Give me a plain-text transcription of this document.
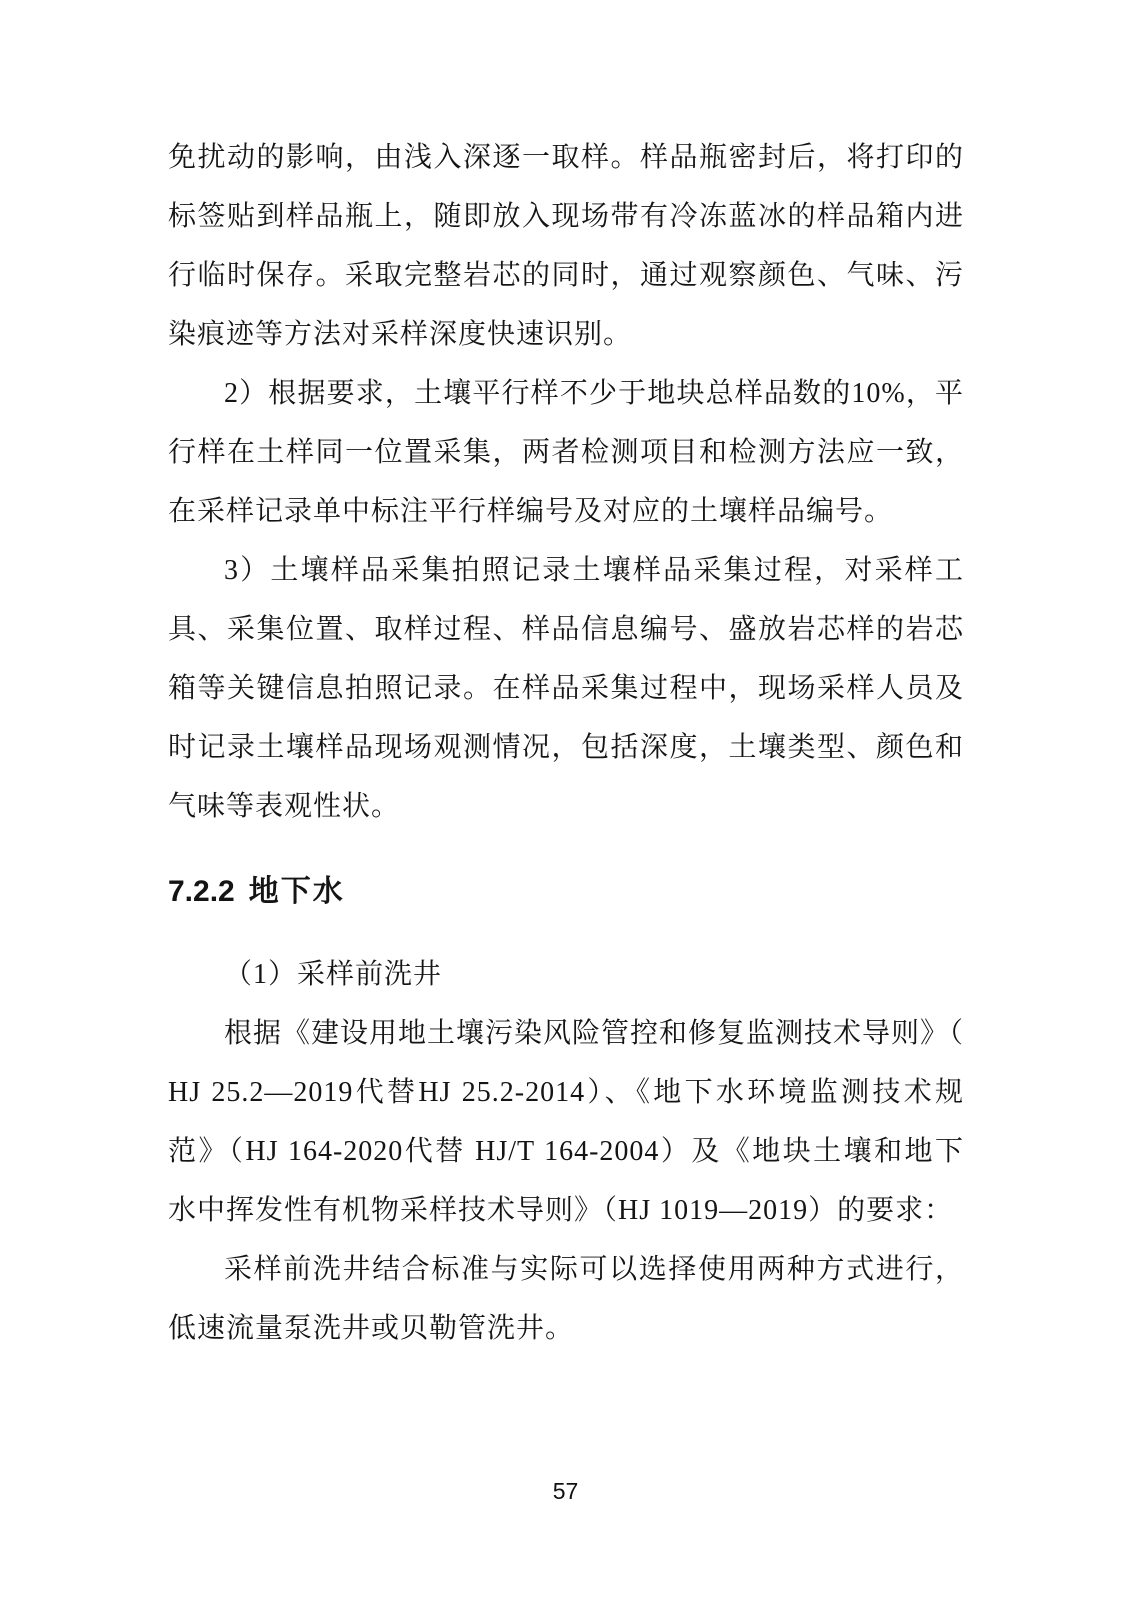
免扰动的影响，由浅入深逐一取样。样品瓶密封后，将打印的标签贴到样品瓶上，随即放入现场带有冷冻蓝冰的样品箱内进行临时保存。采取完整岩芯的同时，通过观察颜色、气味、污染痕迹等方法对采样深度快速识别。

2）根据要求，土壤平行样不少于地块总样品数的10%，平行样在土样同一位置采集，两者检测项目和检测方法应一致，在采样记录单中标注平行样编号及对应的土壤样品编号。

3）土壤样品采集拍照记录土壤样品采集过程，对采样工具、采集位置、取样过程、样品信息编号、盛放岩芯样的岩芯箱等关键信息拍照记录。在样品采集过程中，现场采样人员及时记录土壤样品现场观测情况，包括深度，土壤类型、颜色和气味等表观性状。

7.2.2 地下水

（1）采样前洗井

根据《建设用地土壤污染风险管控和修复监测技术导则》（ HJ 25.2—2019代替HJ 25.2-2014）、《地下水环境监测技术规范》（HJ 164-2020代替 HJ/T 164-2004）及《地块土壤和地下水中挥发性有机物采样技术导则》（HJ 1019—2019）的要求：

采样前洗井结合标准与实际可以选择使用两种方式进行，低速流量泵洗井或贝勒管洗井。

57
